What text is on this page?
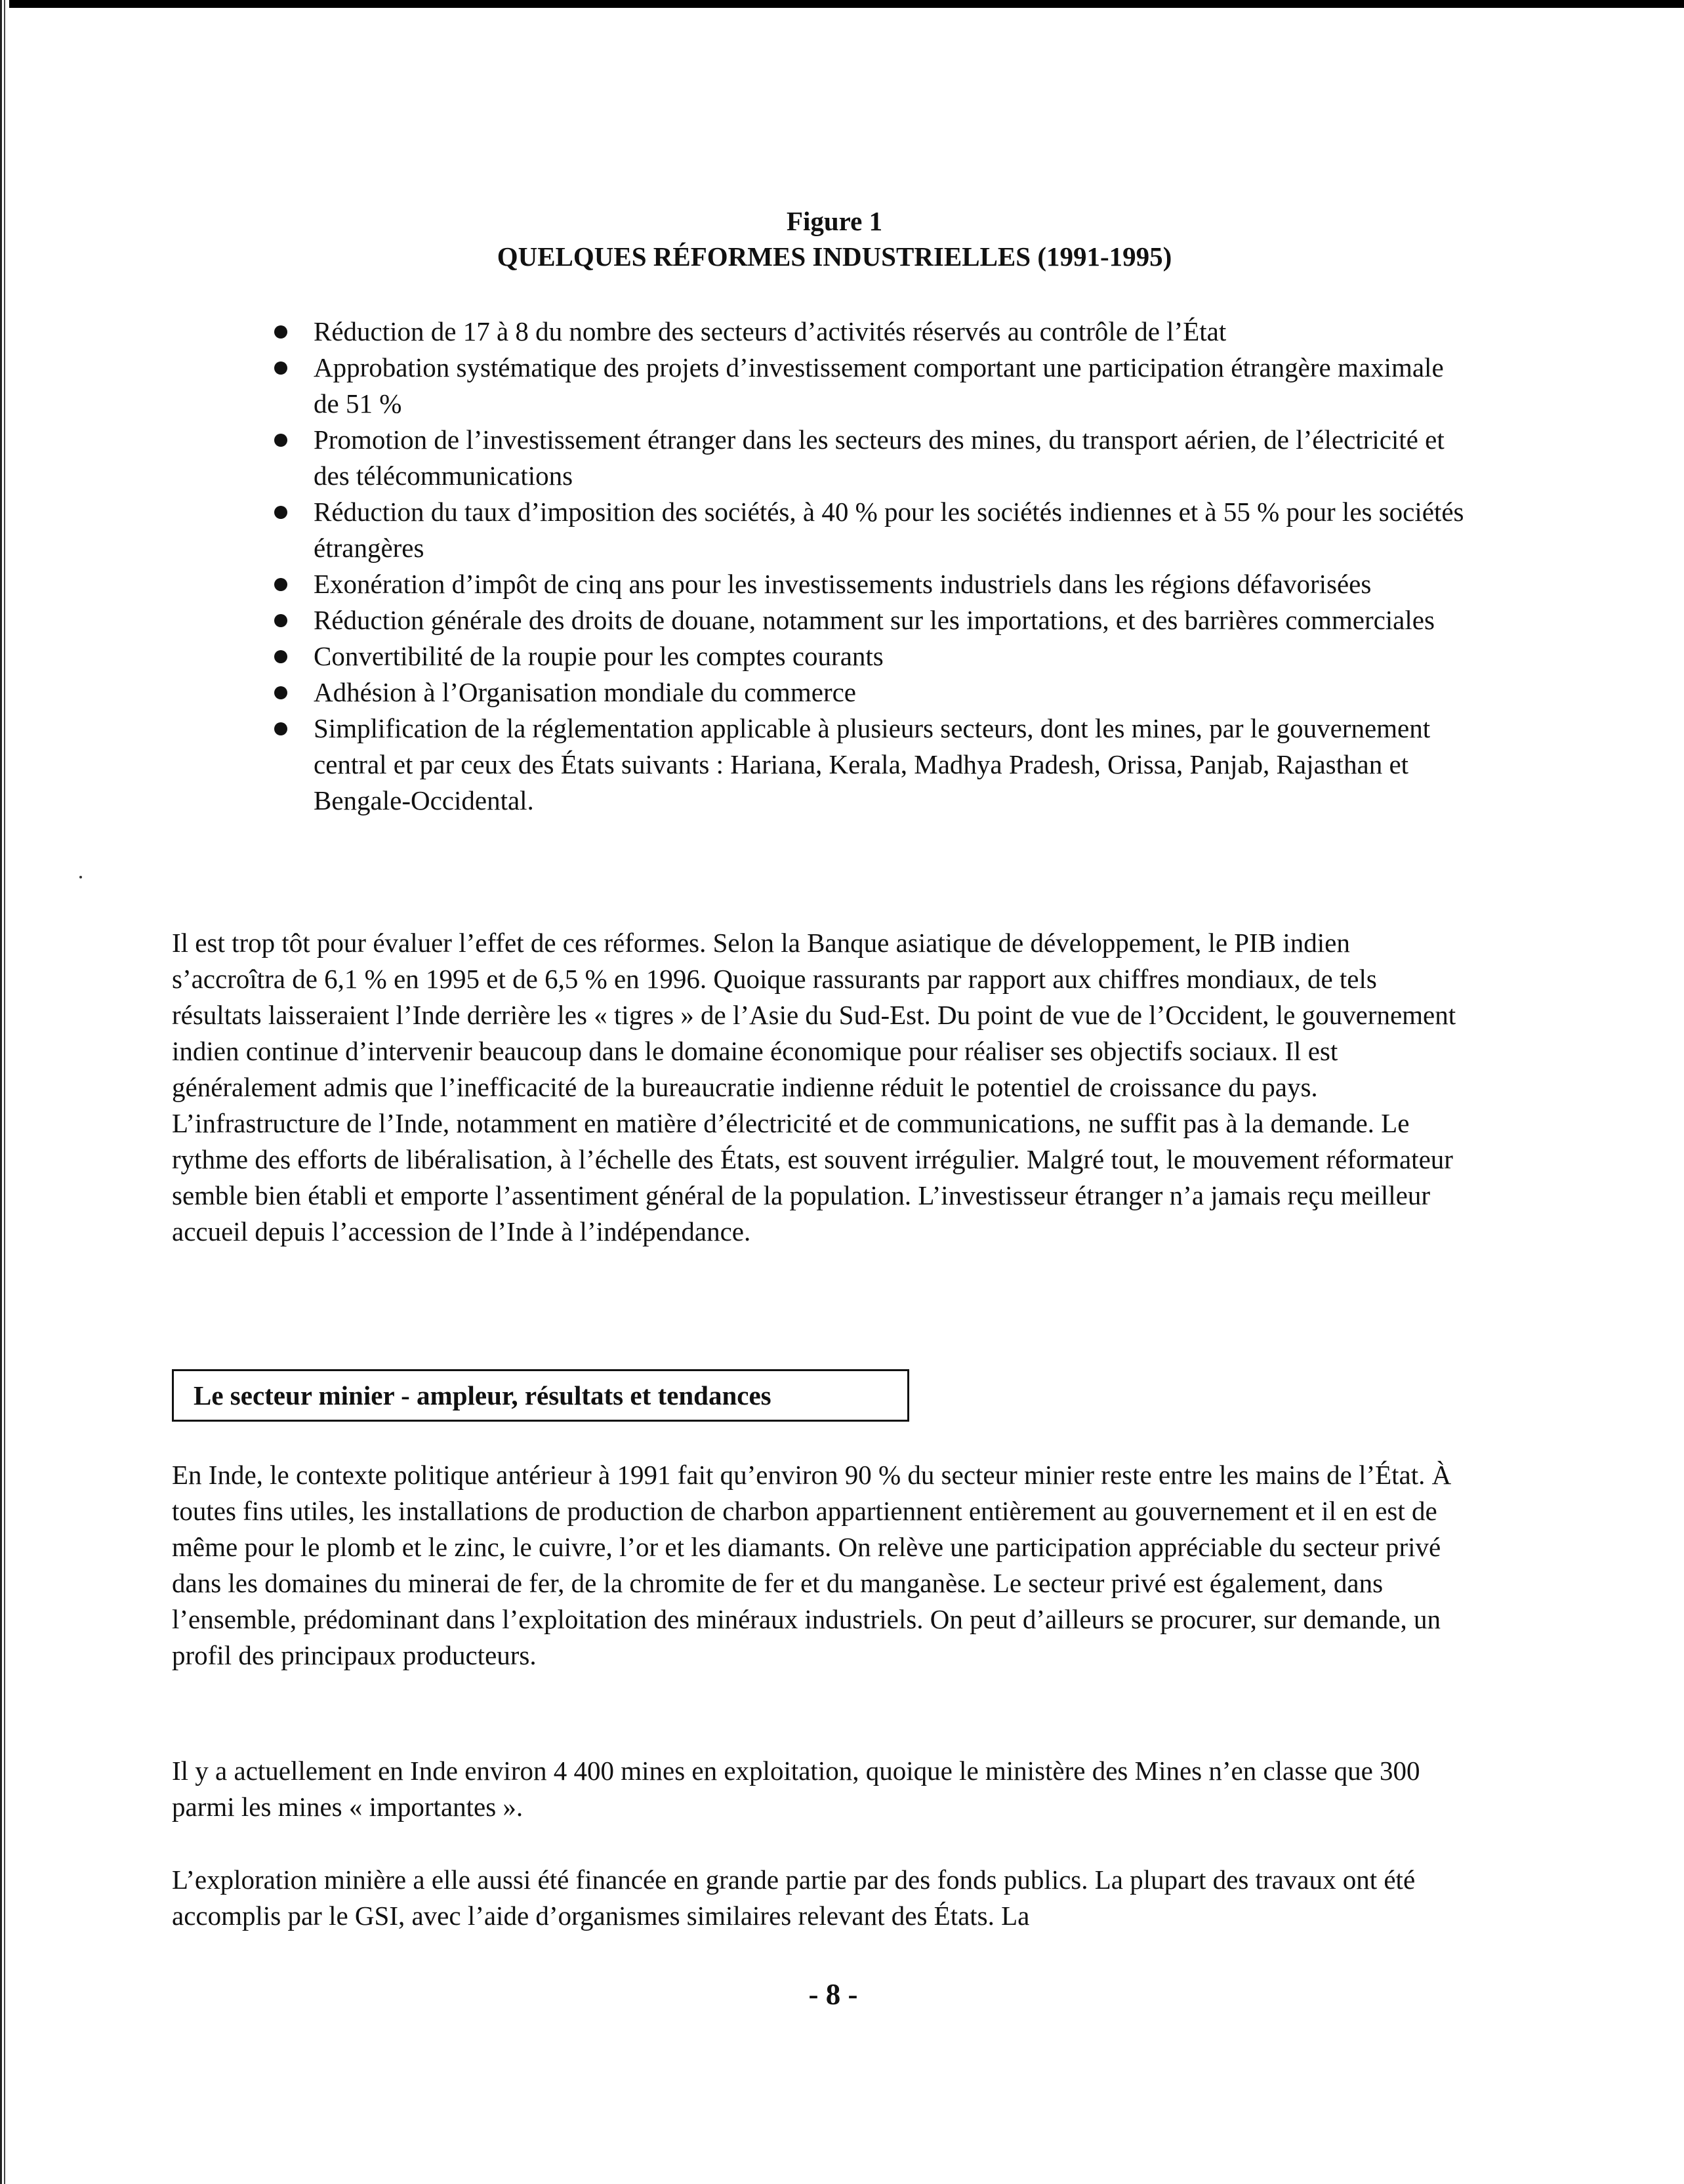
Figure 1
QUELQUES RÉFORMES INDUSTRIELLES (1991-1995)
Réduction de 17 à 8 du nombre des secteurs d’activités réservés au contrôle de l’État
Approbation systématique des projets d’investissement comportant une participation étrangère maximale de 51 %
Promotion de l’investissement étranger dans les secteurs des mines, du transport aérien, de l’électricité et des télécommunications
Réduction du taux d’imposition des sociétés, à 40 % pour les sociétés indiennes et à 55 % pour les sociétés étrangères
Exonération d’impôt de cinq ans pour les investissements industriels dans les régions défavorisées
Réduction générale des droits de douane, notamment sur les importations, et des barrières commerciales
Convertibilité de la roupie pour les comptes courants
Adhésion à l’Organisation mondiale du commerce
Simplification de la réglementation applicable à plusieurs secteurs, dont les mines, par le gouvernement central et par ceux des États suivants : Hariana, Kerala, Madhya Pradesh, Orissa, Panjab, Rajasthan et Bengale-Occidental.

Il est trop tôt pour évaluer l’effet de ces réformes. Selon la Banque asiatique de développement, le PIB indien s’accroîtra de 6,1 % en 1995 et de 6,5 % en 1996. Quoique rassurants par rapport aux chiffres mondiaux, de tels résultats laisseraient l’Inde derrière les « tigres » de l’Asie du Sud-Est. Du point de vue de l’Occident, le gouvernement indien continue d’intervenir beaucoup dans le domaine économique pour réaliser ses objectifs sociaux. Il est généralement admis que l’inefficacité de la bureaucratie indienne réduit le potentiel de croissance du pays. L’infrastructure de l’Inde, notamment en matière d’électricité et de communications, ne suffit pas à la demande. Le rythme des efforts de libéralisation, à l’échelle des États, est souvent irrégulier. Malgré tout, le mouvement réformateur semble bien établi et emporte l’assentiment général de la population. L’investisseur étranger n’a jamais reçu meilleur accueil depuis l’accession de l’Inde à l’indépendance.

Le secteur minier - ampleur, résultats et tendances

En Inde, le contexte politique antérieur à 1991 fait qu’environ 90 % du secteur minier reste entre les mains de l’État. À toutes fins utiles, les installations de production de charbon appartiennent entièrement au gouvernement et il en est de même pour le plomb et le zinc, le cuivre, l’or et les diamants. On relève une participation appréciable du secteur privé dans les domaines du minerai de fer, de la chromite de fer et du manganèse. Le secteur privé est également, dans l’ensemble, prédominant dans l’exploitation des minéraux industriels. On peut d’ailleurs se procurer, sur demande, un profil des principaux producteurs.

Il y a actuellement en Inde environ 4 400 mines en exploitation, quoique le ministère des Mines n’en classe que 300 parmi les mines « importantes ».

L’exploration minière a elle aussi été financée en grande partie par des fonds publics. La plupart des travaux ont été accomplis par le GSI, avec l’aide d’organismes similaires relevant des États. La

- 8 -
